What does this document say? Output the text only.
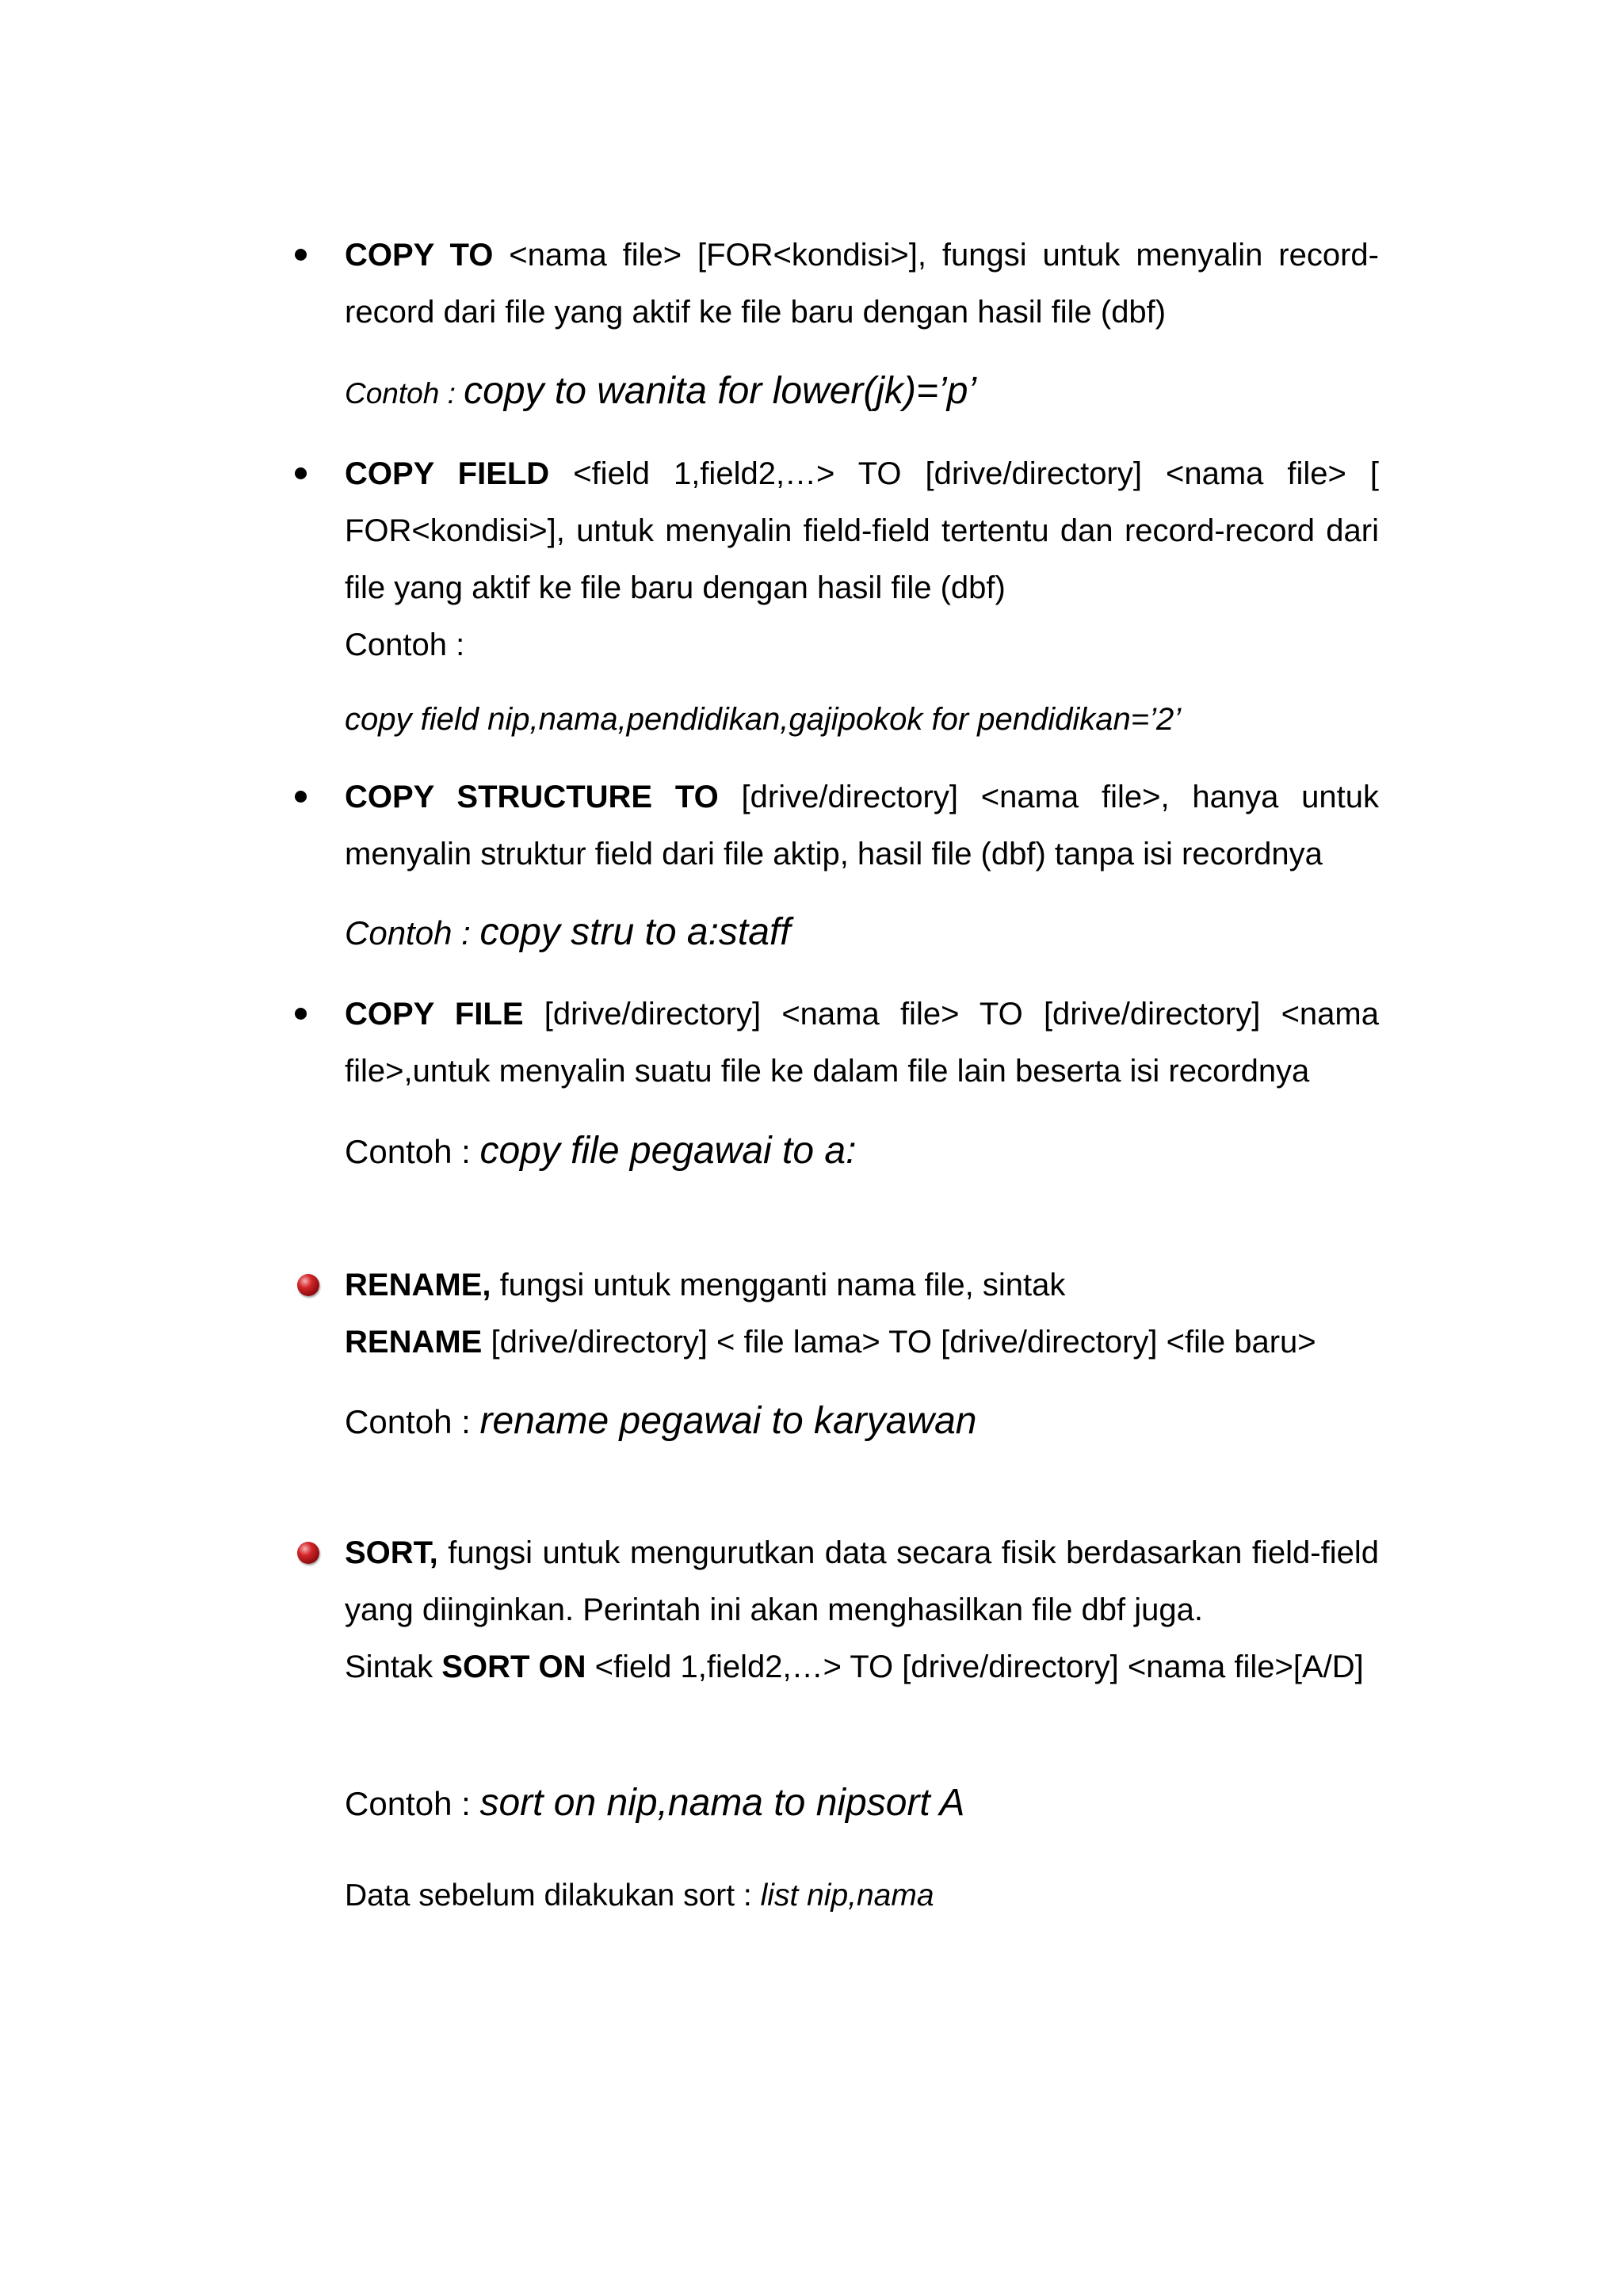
COPY TO <nama file> [FOR<kondisi>], fungsi untuk menyalin record-record dari file yang aktif ke file baru dengan hasil file (dbf)

Contoh : copy to wanita for lower(jk)=’p’

COPY FIELD <field 1,field2,…> TO [drive/directory] <nama file> [ FOR<kondisi>], untuk menyalin field-field tertentu dan record-record dari file yang aktif ke file baru dengan hasil file (dbf)

Contoh :

copy field nip,nama,pendidikan,gajipokok for pendidikan=’2’

COPY STRUCTURE TO [drive/directory] <nama file>, hanya untuk menyalin struktur field dari file aktip, hasil file (dbf) tanpa isi recordnya

Contoh : copy stru to a:staff

COPY FILE [drive/directory] <nama file> TO [drive/directory] <nama file>,untuk menyalin suatu file ke dalam file lain beserta isi recordnya

Contoh : copy file pegawai to a:

RENAME, fungsi untuk mengganti nama file, sintak

RENAME [drive/directory] < file lama> TO [drive/directory] <file baru>

Contoh : rename pegawai to karyawan

SORT, fungsi untuk mengurutkan data secara fisik berdasarkan field-field yang diinginkan. Perintah ini akan menghasilkan file dbf juga.

Sintak SORT ON <field 1,field2,…> TO [drive/directory] <nama file>[A/D]

Contoh : sort on nip,nama to nipsort A
Data sebelum dilakukan sort : list nip,nama
